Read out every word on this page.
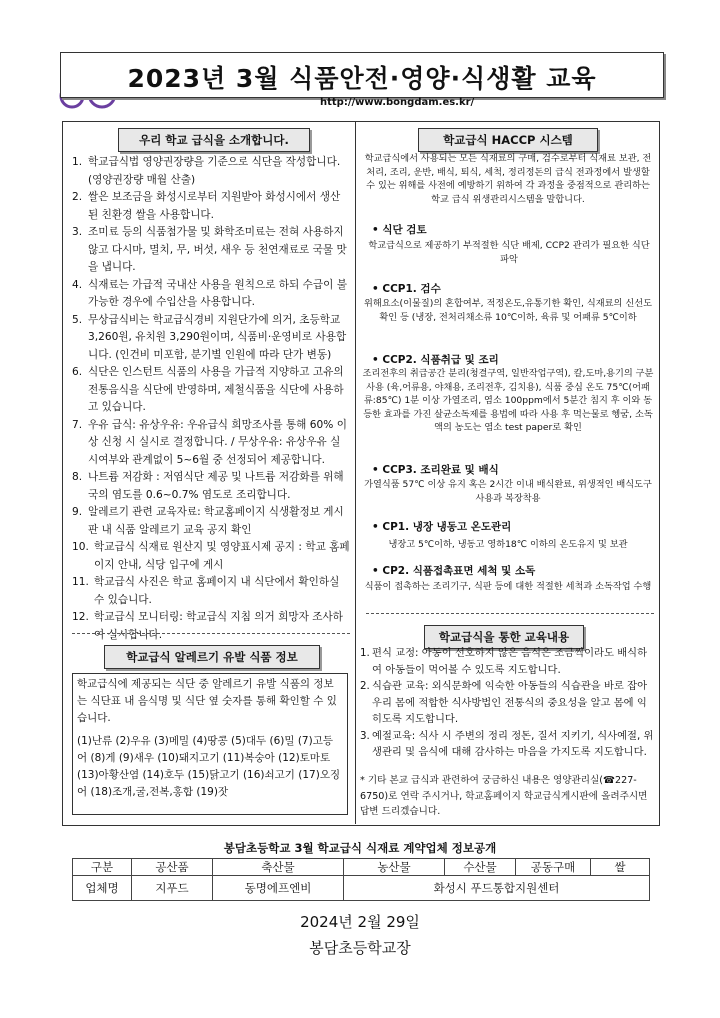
2023년 3월 식품안전·영양·식생활 교육
http://www.bongdam.es.kr/
우리 학교 급식을 소개합니다.
1. 학교급식법 영양권장량을 기준으로 식단을 작성합니다. (영양권장량 매월 산출)
2. 쌀은 보조금을 화성시로부터 지원받아 화성시에서 생산된 친환경 쌀을 사용합니다.
3. 조미료 등의 식품첨가물 및 화학조미료는 전혀 사용하지 않고 다시마, 멸치, 무, 버섯, 새우 등 천연재료로 국물 맛을 냅니다.
4. 식재료는 가급적 국내산 사용을 원칙으로 하되 수급이 불가능한 경우에 수입산을 사용합니다.
5. 무상급식비는 학교급식경비 지원단가에 의거, 초등학교 3,260원, 유치원 3,290원이며, 식품비·운영비로 사용합니다. (인건비 미포함, 분기별 인원에 따라 단가 변동)
6. 식단은 인스턴트 식품의 사용을 가급적 지양하고 고유의 전통음식을 식단에 반영하며, 제철식품을 식단에 사용하고 있습니다.
7. 우유 급식: 유상우유: 우유급식 희망조사를 통해 60% 이상 신청 시 실시로 결정합니다. / 무상우유: 유상우유 실시여부와 관계없이 5~6월 중 선정되어 제공합니다.
8. 나트륨 저감화 : 저염식단 제공 및 나트륨 저감화를 위해 국의 염도를 0.6~0.7% 염도로 조리합니다.
9. 알레르기 관련 교육자료: 학교홈페이지 식생활정보 게시판 내 식품 알레르기 교육 공지 확인
10. 학교급식 식재료 원산지 및 영양표시제 공지 : 학교 홈페이지 안내, 식당 입구에 게시
11. 학교급식 사진은 학교 홈페이지 내 식단에서 확인하실 수 있습니다.
12. 학교급식 모니터링: 학교급식 지침 의거 희망자 조사하여 실시합니다.
학교급식 알레르기 유발 식품 정보
학교급식에 제공되는 식단 중 알레르기 유발 식품의 정보는 식단표 내 음식명 및 식단 옆 숫자를 통해 확인할 수 있습니다.
(1)난류 (2)우유 (3)메밀 (4)땅콩 (5)대두 (6)밀 (7)고등어 (8)게 (9)새우 (10)돼지고기 (11)복숭아 (12)토마토 (13)아황산염 (14)호두 (15)닭고기 (16)쇠고기 (17)오징어 (18)조개,굴,전복,홍합 (19)잣
학교급식 HACCP 시스템
학교급식에서 사용되는 모든 식재료의 구매, 검수로부터 식재료 보관, 전처리, 조리, 운반, 배식, 퇴식, 세척, 정리정돈의 급식 전과정에서 발생할 수 있는 위해를 사전에 예방하기 위하여 각 과정을 중점적으로 관리하는 학교 급식 위생관리시스템을 말합니다.
• 식단 검토
학교급식으로 제공하기 부적절한 식단 배제, CCP2 관리가 필요한 식단파악
• CCP1. 검수
위해요소(이물질)의 혼합여부, 적정온도,유통기한 확인, 식재료의 신선도 확인 등 (냉장, 전처리채소류 10℃이하, 육류 및 어패류 5℃이하
• CCP2. 식품취급 및 조리
조리전후의 취급공간 분리(청결구역, 일반작업구역), 칼,도마,용기의 구분 사용 (육,어류용, 야채용, 조리전후, 김치용), 식품 중심 온도 75℃(어패류:85℃) 1분 이상 가열조리, 염소 100ppm에서 5분간 침지 후 이와 동등한 효과를 가진 살균소독제를 용법에 따라 사용 후 먹는물로 헹굼, 소독액의 농도는 염소 test paper로 확인
• CCP3. 조리완료 및 배식
가열식품 57℃ 이상 유지 혹은 2시간 이내 배식완료, 위생적인 배식도구 사용과 복장착용
• CP1. 냉장 냉동고 온도관리
냉장고 5℃이하, 냉동고 영하18℃ 이하의 온도유지 및 보관
• CP2. 식품접촉표면 세척 및 소독
식품이 접촉하는 조리기구, 식판 등에 대한 적절한 세척과 소독작업 수행
학교급식을 통한 교육내용
1. 편식 교정: 아동이 선호하지 않은 음식은 조금씩이라도 배식하여 아동들이 먹어볼 수 있도록 지도합니다.
2. 식습관 교육: 외식문화에 익숙한 아동들의 식습관을 바로 잡아 우리 몸에 적합한 식사방법인 전통식의 중요성을 알고 몸에 익히도록 지도합니다.
3. 예절교육: 식사 시 주변의 정리 정돈, 질서 지키기, 식사예절, 위생관리 및 음식에 대해 감사하는 마음을 가지도록 지도합니다.
* 기타 본교 급식과 관련하여 궁금하신 내용은 영양관리실(☎227-6750)로 연락 주시거나, 학교홈페이지 학교급식게시판에 올려주시면 답변 드리겠습니다.
봉담초등학교 3월 학교급식 식재료 계약업체 정보공개
구분	공산품	축산물	농산물	수산물	공동구매	쌀
업체명	지푸드	동명에프엔비	화성시 푸드통합지원센터			
2024년 2월 29일
봉담초등학교장
